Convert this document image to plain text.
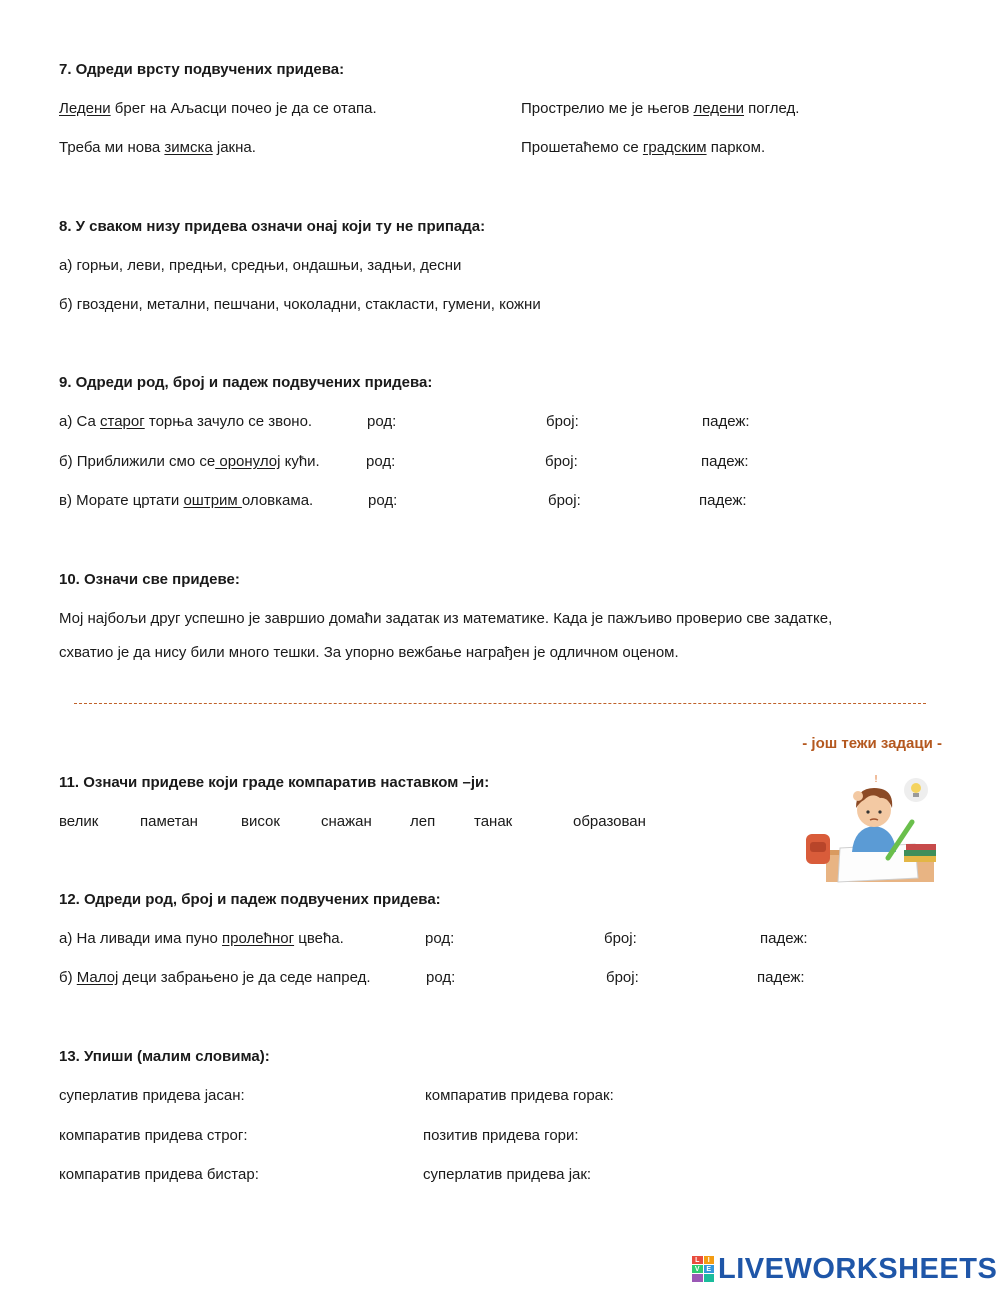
7. Одреди врсту подвучених придева:
Ледени брег на Аљасци почео је да се отапа.	Прострелио ме је његов ледени поглед.
Треба ми нова зимска јакна.	Прошетаћемо се градским парком.
8. У сваком низу придева означи онај који ту не припада:
а) горњи, леви, предњи, средњи, ондашњи, задњи, десни
б) гвоздени, метални, пешчани, чоколадни, стакласти, гумени, кожни
9. Одреди род, број и падеж подвучених придева:
а) Са старог торња зачуло се звоно.	род:	број:	падеж:
б) Приближили смо се оронулој кући.	род:	број:	падеж:
в) Морате цртати оштрим оловкама.	род:	број:	падеж:
10. Означи све придеве:
Мој најбољи друг успешно је завршио домаћи задатак из математике. Када је пажљиво проверио све задатке,
схватио је да нису били много тешки. За упорно вежбање награђен је одличном оценом.
- још тежи задаци -
11. Означи придеве који граде компаратив наставком –ји:
велик	паметан	висок	снажан	леп	танак	образован
!
12. Одреди род, број и падеж подвучених придева:
а) На ливади има пуно пролећног цвећа.	род:	број:	падеж:
б) Малој деци забрањено је да седе напред.	род:	број:	падеж:
13. Упиши (малим словима):
суперлатив придева јасан:	компаратив придева горак:
компаратив придева строг:	позитив придева гори:
компаратив придева бистар:	суперлатив придева јак:
L	I
V E LIVEWORKSHEETS
